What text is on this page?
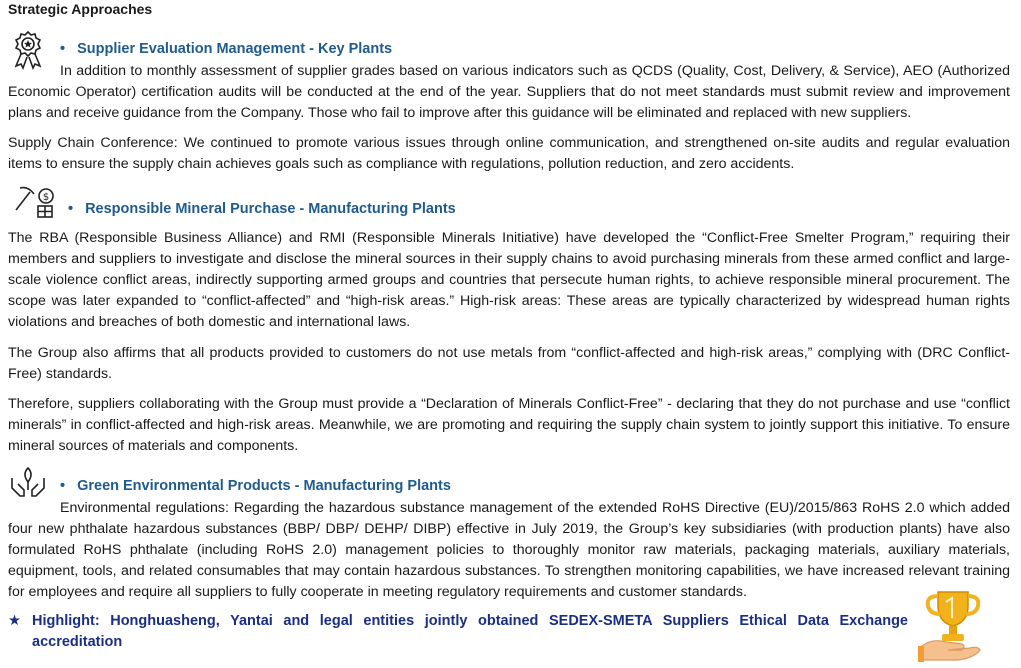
Strategic Approaches
• Supplier Evaluation Management - Key Plants
In addition to monthly assessment of supplier grades based on various indicators such as QCDS (Quality, Cost, Delivery, & Service), AEO (Authorized Economic Operator) certification audits will be conducted at the end of the year. Suppliers that do not meet standards must submit review and improvement plans and receive guidance from the Company. Those who fail to improve after this guidance will be eliminated and replaced with new suppliers.
Supply Chain Conference: We continued to promote various issues through online communication, and strengthened on-site audits and regular evaluation items to ensure the supply chain achieves goals such as compliance with regulations, pollution reduction, and zero accidents.
$
• Responsible Mineral Purchase - Manufacturing Plants
The RBA (Responsible Business Alliance) and RMI (Responsible Minerals Initiative) have developed the “Conflict-Free Smelter Program,” requiring their members and suppliers to investigate and disclose the mineral sources in their supply chains to avoid purchasing minerals from these armed conflict and large-scale violence conflict areas, indirectly supporting armed groups and countries that persecute human rights, to achieve responsible mineral procurement. The scope was later expanded to “conflict-affected” and “high-risk areas.” High-risk areas: These areas are typically characterized by widespread human rights violations and breaches of both domestic and international laws.
The Group also affirms that all products provided to customers do not use metals from “conflict-affected and high-risk areas,” complying with (DRC Conflict-Free) standards.
Therefore, suppliers collaborating with the Group must provide a “Declaration of Minerals Conflict-Free” - declaring that they do not purchase and use “conflict minerals” in conflict-affected and high-risk areas. Meanwhile, we are promoting and requiring the supply chain system to jointly support this initiative. To ensure mineral sources of materials and components.
• Green Environmental Products - Manufacturing Plants
Environmental regulations: Regarding the hazardous substance management of the extended RoHS Directive (EU)/2015/863 RoHS 2.0 which added four new phthalate hazardous substances (BBP/ DBP/ DEHP/ DIBP) effective in July 2019, the Group’s key subsidiaries (with production plants) have also formulated RoHS phthalate (including RoHS 2.0) management policies to thoroughly monitor raw materials, packaging materials, auxiliary materials, equipment, tools, and related consumables that may contain hazardous substances. To strengthen monitoring capabilities, we have increased relevant training for employees and require all suppliers to fully cooperate in meeting regulatory requirements and customer standards.
★ Highlight: Honghuasheng, Yantai and legal entities jointly obtained SEDEX-SMETA Suppliers Ethical Data Exchange accreditation
